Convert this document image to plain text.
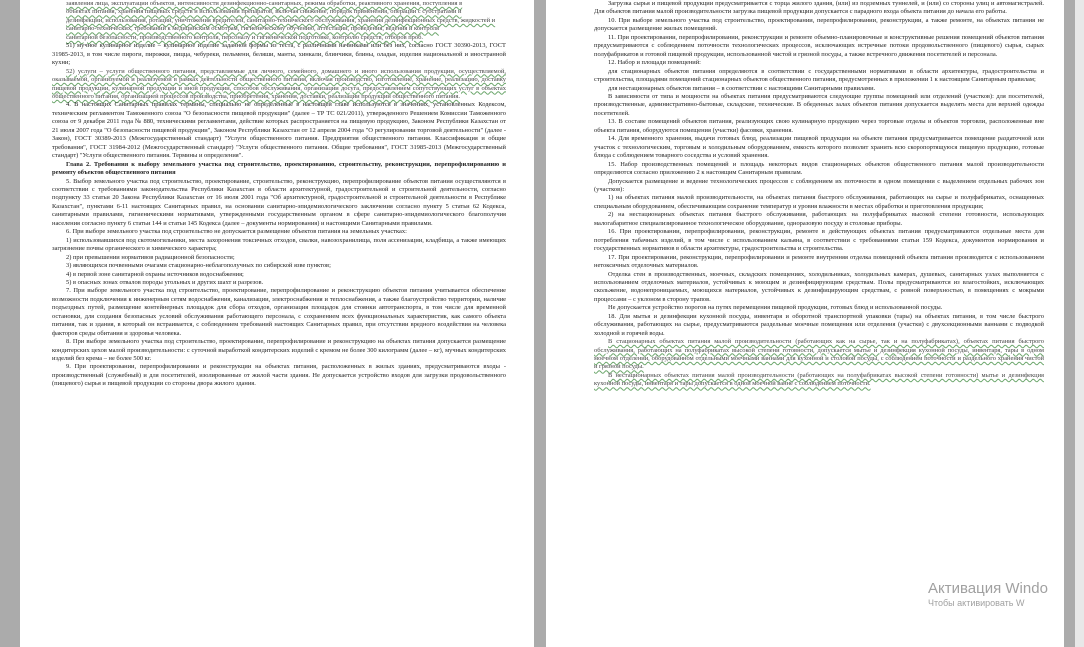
заявления лица, эксплуатации объектов, интенсивности дезинфекционно-санитарных, режима обработки, реактивного хранения, поступления в

объектах питания, хранения пищевых средств и использования препаратов, включая снижение, порядок применения, операции с субстратами и

дезинфекции, использования, ротаций, уничтожения вредителей, санитарно-технического обслуживания, хранения дезинфекционных средств, жидкостей и

санитарно-технических, требований к медицинским осмотрам, гигиеническому обучению, аттестации, проведения, ведения и контроля

санитарной безопасности, производственного контроля, персоналу и гигиенической подготовке, контролю средств, отборов проб.

51) мучное кулинарное изделие – кулинарное изделие заданной формы из теста, с различными начинками или без них, согласно ГОСТ 30390-2013, ГОСТ 31985-2013, в том числе пироги, пирожки, пицца, чебуреки, пельмени, беляши, манты, хинкали, блинчики, блины, оладьи, изделия национальной и иностранной кухни;

52) услуги – услуги общественного питания, представляемые для личного, семейного, домашнего и иного использования продукции, осуществляемой, оказываемой, организуемой и реализуемой в рамках деятельности общественного питания, включая производство, изготовление, хранение, реализацию, доставку пищевой продукции, кулинарной продукции и иной продукции, способов обслуживания, организации досуга, предоставлением сопутствующих услуг в объектах общественного питания, организацией процессов производства, приобретения, хранения, доставки, реализации продукции общественного питания.

4. В настоящих Санитарных правилах термины, специально не определенные в настоящей главе используются в значениях, установленных Кодексом, техническим регламентом Таможенного союза "О безопасности пищевой продукции" (далее – ТР ТС 021/2011), утвержденного Решением Комиссии Таможенного союза от 9 декабря 2011 года № 880, техническими регламентами, действие которых распространяется на пищевую продукцию, Законом Республики Казахстан от 21 июля 2007 года "О безопасности пищевой продукции", Законом Республики Казахстан от 12 апреля 2004 года "О регулировании торговой деятельности" (далее - Закон), ГОСТ 30389-2013 (Межгосударственный стандарт) "Услуги общественного питания. Предприятия общественного питания. Классификация и общие требования", ГОСТ 31984-2012 (Межгосударственный стандарт) "Услуги общественного питания. Общие требования", ГОСТ 31985-2013 (Межгосударственный стандарт) "Услуги общественного питания. Термины и определения".

Глава 2. Требования к выбору земельного участка под строительство, проектированию, строительству, реконструкции, перепрофилированию и ремонту объектов общественного питания

5. Выбор земельного участка под строительство, проектирование, строительство, реконструкцию, перепрофилирование объектов питания осуществляются в соответствии с требованиями законодательства Республики Казахстан в области архитектурной, градостроительной и строительной деятельности, согласно подпункту 33 статьи 20 Закона Республики Казахстан от 16 июля 2001 года "Об архитектурной, градостроительной и строительной деятельности в Республике Казахстан", пунктами 6-11 настоящих Санитарных правил, на основании санитарно-эпидемиологического заключения согласно пункту 5 статьи 62 Кодекса, санитарными правилами, гигиеническими нормативами, утвержденными государственным органом в сфере санитарно-эпидемиологического благополучия населения согласно пункту 6 статьи 144 и статьи 145 Кодекса (далее – документы нормирования) и настоящими Санитарными правилами.

6. При выборе земельного участка под строительство не допускается размещение объектов питания на земельных участках:

1) использовавшихся под скотомогильники, места захоронения токсичных отходов, свалки, навозохранилища, поля ассенизации, кладбища, а также имеющих загрязнение почвы органического и химического характера;

2) при превышении нормативов радиационной безопасности;

3) являющихся почвенными очагами стационарно-неблагополучных по сибирской язве пунктов;

4) в первой зоне санитарной охраны источников водоснабжения;

5) в опасных зонах отвалов породы угольных и других шахт и разрезов.

7. При выборе земельного участка под строительство, проектирование, перепрофилирование и реконструкцию объектов питания учитывается обеспечение возможности подключения к инженерным сетям водоснабжения, канализации, электроснабжения и теплоснабжения, а также благоустройство территории, наличие подъездных путей, размещение контейнерных площадок для сбора отходов, организация площадок для стоянки автотранспорта, в том числе для временной остановки, для создания безопасных условий обслуживания работающего персонала, с сохранением всех функциональных характеристик, как самого объекта питания, так и здания, в который он встраивается, с соблюдением требований настоящих Санитарных правил, при отсутствии вредного воздействия на человека факторов среды обитания и здоровья человека.

8. При выборе земельного участка под строительство, проектирование, перепрофилирование и реконструкцию на объектах питания допускается размещение кондитерских цехов малой производительности: с суточной выработкой кондитерских изделий с кремом не более 300 килограмм (далее – кг), мучных кондитерских изделий без крема – не более 500 кг.

9. При проектировании, перепрофилировании и реконструкции на объектах питания, расположенных в жилых зданиях, предусматриваются входы - производственный (служебный) и для посетителей, изолированные от жилой части здания. Не допускается устройство входов для загрузки продовольственного (пищевого) сырья и пищевой продукции со стороны двора жилого здания.

Загрузка сырья и пищевой продукции предусматривается с торца жилого здания, (или) из подземных туннелей, и (или) со стороны улиц и автомагистралей. Для объектов питания малой производительности загрузка пищевой продукции допускается с парадного входа объекта питания до начала его работы.

10. При выборе земельного участка под строительство, проектировании, перепрофилировании, реконструкции, а также ремонте, на объектах питания не допускается размещение жилых помещений.

11. При проектировании, перепрофилировании, реконструкции и ремонте объемно-планировочные и конструктивные решения помещений объектов питания предусматриваются с соблюдением поточности технологических процессов, исключающих встречные потоки продовольственного (пищевого) сырья, сырых полуфабрикатов и готовой пищевой продукции, использованной чистой и грязной посуды, а также встречного движения посетителей и персонала.

12. Набор и площади помещений:

для стационарных объектов питания определяются в соответствии с государственными нормативами в области архитектуры, градостроительства и строительства, площадями помещений стационарных объектов общественного питания, предусмотренных в приложении 1 к настоящим Санитарным правилам;

для нестационарных объектов питания – в соответствии с настоящими Санитарными правилами.

В зависимости от типа и мощности на объектах питания предусматриваются следующие группы помещений или отделений (участков): для посетителей, производственные, административно-бытовые, складские, технические. В обеденных залах объектов питания допускается выделять места для верхней одежды посетителей.

13. В составе помещений объектов питания, реализующих свою кулинарную продукцию через торговые отделы и объектов торговли, расположенные вне объекта питания, оборудуются помещения (участки) фасовки, хранения.

14. Для временного хранения, выдачи готовых блюд, реализации пищевой продукции на объекте питания предусматривается помещение раздаточной или участок с технологическим, торговым и холодильным оборудованием, емкость которого позволит хранить всю скоропортящуюся пищевую продукцию, готовые блюда с соблюдением товарного соседства и условий хранения.

15. Набор производственных помещений и площадь некоторых видов стационарных объектов общественного питания малой производительности определяются согласно приложению 2 к настоящим Санитарным правилам.

Допускается размещение и ведение технологических процессов с соблюдением их поточности в одном помещении с выделением отдельных рабочих зон (участков):

1) на объектах питания малой производительности, на объектах питания быстрого обслуживания, работающих на сырье и полуфабрикатах, оснащенных специальным оборудованием, обеспечивающим сохранение температур и уровня влажности в местах обработки и приготовления продукции;

2) на нестационарных объектах питания быстрого обслуживания, работающих на полуфабрикатах высокой степени готовности, использующих малогабаритное специализированное технологическое оборудование, одноразовую посуду и столовые приборы.

16. При проектировании, перепрофилировании, реконструкции, ремонте в действующих объектах питания предусматриваются отдельные места для потребления табачных изделий, в том числе с использованием кальяна, в соответствии с требованиями статьи 159 Кодекса, документов нормирования и государственных нормативов в области архитектуры, градостроительства и строительства.

17. При проектировании, реконструкции, перепрофилировании и ремонте внутренняя отделка помещений объекта питания производится с использованием нетоксичных отделочных материалов.

Отделка стен в производственных, моечных, складских помещениях, холодильниках, холодильных камерах, душевых, санитарных узлах выполняется с использованием отделочных материалов, устойчивых к моющим и дезинфицирующим средствам. Полы предусматриваются из влагостойких, исключающих скольжение, водонепроницаемых, моющихся материалов, устойчивых к дезинфицирующим средствам, с ровной поверхностью, в помещениях с мокрыми процессами – с уклоном в сторону трапов.

Не допускается устройство порогов на путях перемещения пищевой продукции, готовых блюд и использованной посуды.

18. Для мытья и дезинфекции кухонной посуды, инвентаря и оборотной транспортной упаковки (тары) на объектах питания, в том числе быстрого обслуживания, работающих на сырье, предусматриваются раздельные моечные помещения или отделения (участки) с двухсекционными ваннами с подводкой холодной и горячей воды.

В стационарных объектах питания малой производительности (работающих как на сырье, так и на полуфабрикатах), объектах питания быстрого обслуживания, работающих на полуфабрикатах высокой степени готовности, допускается мытье и дезинфекция кухонной посуды, инвентаря, тары в одном моечном отделении, оборудованном отдельными моечными ваннами для кухонной и столовой посуды, с соблюдением поточности и раздельного хранения чистой и грязной посуды.

В нестационарных объектах питания малой производительности (работающих на полуфабрикатах высокой степени готовности) мытье и дезинфекция кухонной посуды, инвентаря и тары допускается в одной моечной ванне с соблюдением поточности.

Активация Windo
Чтобы активировать W
